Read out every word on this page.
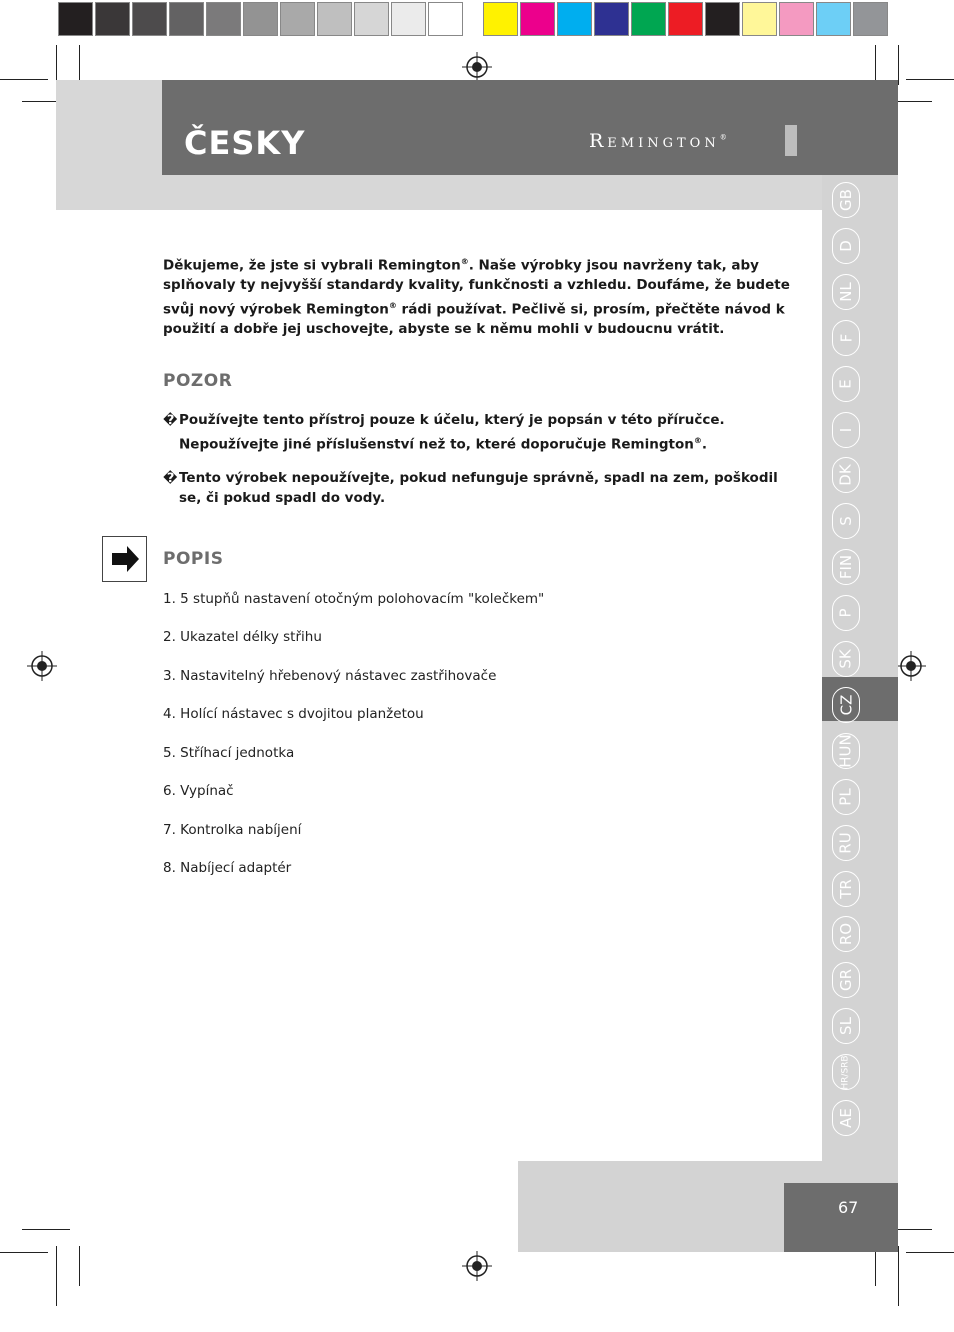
ČESKY	Remington®
GB
D
NL
F
E
I
DK
S
FIN
P
SK
CZ
HUN
PL
RU
TR
RO
GR
SL
HR/SRB
AE
Děkujeme, že jste si vybrali Remington®. Naše výrobky jsou navrženy tak, aby splňovaly ty nejvyšší standardy kvality, funkčnosti a vzhledu. Doufáme, že budete svůj nový výrobek Remington® rádi používat. Pečlivě si, prosím, přečtěte návod k použití a dobře jej uschovejte, abyste se k němu mohli v budoucnu vrátit.
POZOR
� Používejte tento přístroj pouze k účelu, který je popsán v této příručce. Nepoužívejte jiné příslušenství než to, které doporučuje Remington®.
� Tento výrobek nepoužívejte, pokud nefunguje správně, spadl na zem, poškodil se, či pokud spadl do vody.
POPIS
1. 5 stupňů nastavení otočným polohovacím "kolečkem"
2. Ukazatel délky střihu
3. Nastavitelný hřebenový nástavec zastřihovače
4. Holící nástavec s dvojitou planžetou
5. Stříhací jednotka
6. Vypínač
7. Kontrolka nabíjení
8. Nabíjecí adaptér
67
